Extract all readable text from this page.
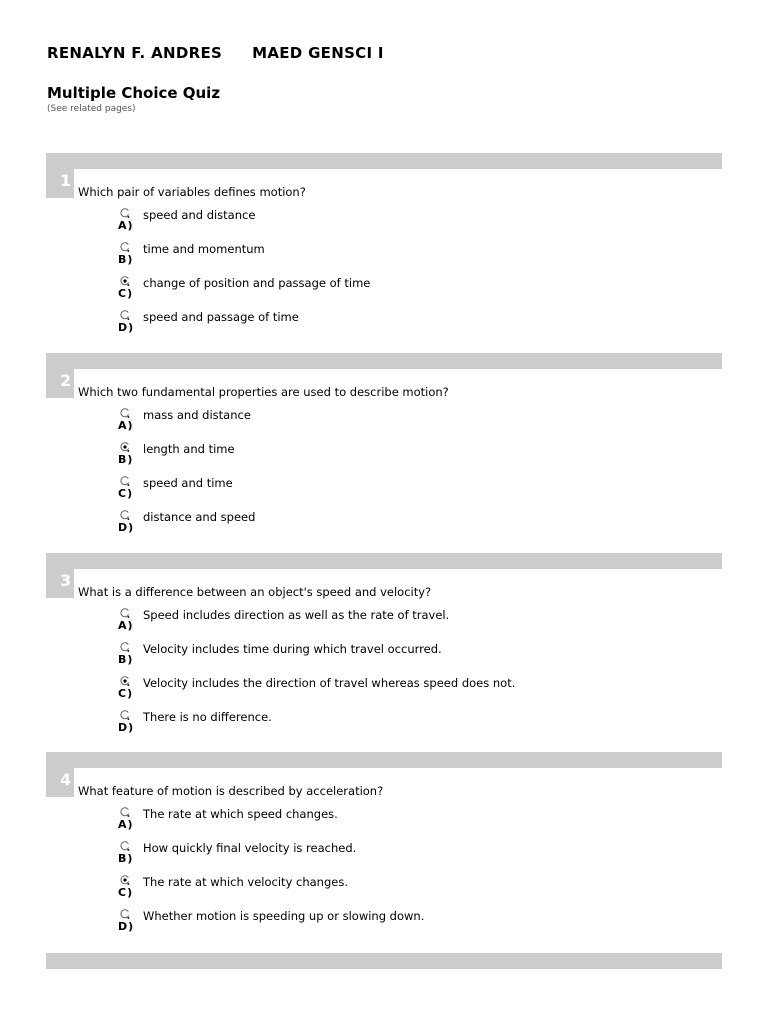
RENALYN F. ANDRES MAED GENSCI I
Multiple Choice Quiz
(See related pages)
1
Which pair of variables defines motion?
A)
speed and distance
B)
time and momentum
C)
change of position and passage of time
D)
speed and passage of time
2
Which two fundamental properties are used to describe motion?
A)
mass and distance
B)
length and time
C)
speed and time
D)
distance and speed
3
What is a difference between an object's speed and velocity?
A)
Speed includes direction as well as the rate of travel.
B)
Velocity includes time during which travel occurred.
C)
Velocity includes the direction of travel whereas speed does not.
D)
There is no difference.
4
What feature of motion is described by acceleration?
A)
The rate at which speed changes.
B)
How quickly final velocity is reached.
C)
The rate at which velocity changes.
D)
Whether motion is speeding up or slowing down.
